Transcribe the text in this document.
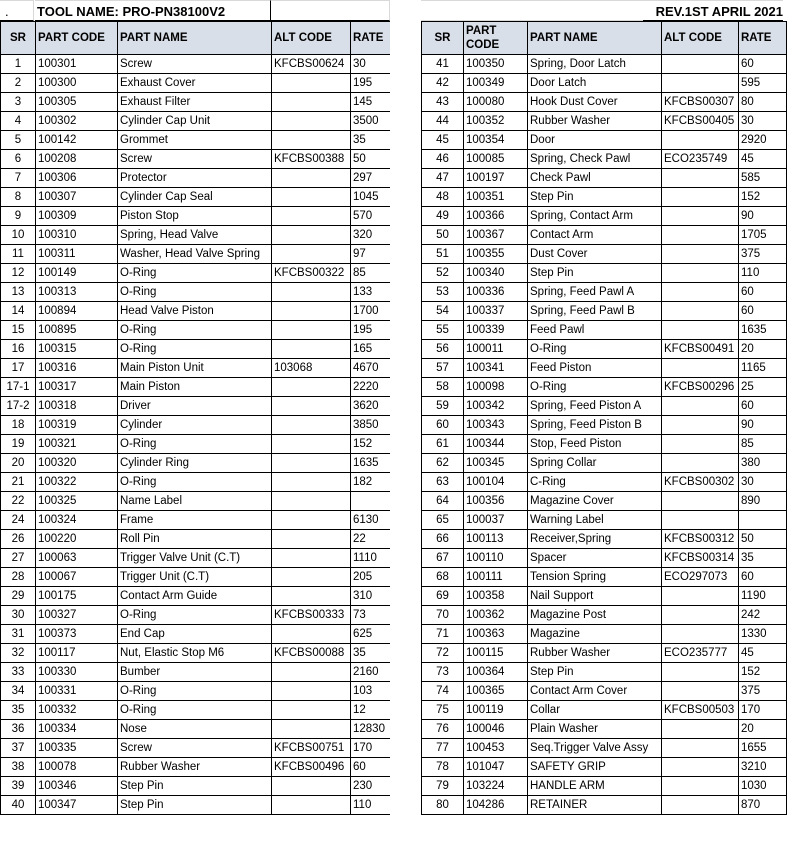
.	TOOL NAME: PRO-PN38100V2	REV.1ST APRIL 2021
SR	PART CODE	PART NAME	ALT CODE	RATE
1	100301	Screw	KFCBS00624	30
2	100300	Exhaust Cover		195
3	100305	Exhaust Filter		145
4	100302	Cylinder Cap Unit		3500
5	100142	Grommet		35
6	100208	Screw	KFCBS00388	50
7	100306	Protector		297
8	100307	Cylinder Cap Seal		1045
9	100309	Piston Stop		570
10	100310	Spring, Head Valve		320
11	100311	Washer, Head Valve Spring		97
12	100149	O-Ring	KFCBS00322	85
13	100313	O-Ring		133
14	100894	Head Valve Piston		1700
15	100895	O-Ring		195
16	100315	O-Ring		165
17	100316	Main Piston Unit	103068	4670
17-1	100317	Main Piston		2220
17-2	100318	Driver		3620
18	100319	Cylinder		3850
19	100321	O-Ring		152
20	100320	Cylinder Ring		1635
21	100322	O-Ring		182
22	100325	Name Label		
24	100324	Frame		6130
26	100220	Roll Pin		22
27	100063	Trigger Valve Unit (C.T)		1110
28	100067	Trigger Unit (C.T)		205
29	100175	Contact Arm Guide		310
30	100327	O-Ring	KFCBS00333	73
31	100373	End Cap		625
32	100117	Nut, Elastic Stop M6	KFCBS00088	35
33	100330	Bumber		2160
34	100331	O-Ring		103
35	100332	O-Ring		12
36	100334	Nose		12830
37	100335	Screw	KFCBS00751	170
38	100078	Rubber Washer	KFCBS00496	60
39	100346	Step Pin		230
40	100347	Step Pin		110
SR	PART CODE	PART NAME	ALT CODE	RATE
41	100350	Spring, Door Latch		60
42	100349	Door Latch		595
43	100080	Hook Dust Cover	KFCBS00307	80
44	100352	Rubber Washer	KFCBS00405	30
45	100354	Door		2920
46	100085	Spring, Check Pawl	ECO235749	45
47	100197	Check Pawl		585
48	100351	Step Pin		152
49	100366	Spring, Contact Arm		90
50	100367	Contact Arm		1705
51	100355	Dust Cover		375
52	100340	Step Pin		110
53	100336	Spring, Feed Pawl A		60
54	100337	Spring, Feed Pawl B		60
55	100339	Feed Pawl		1635
56	100011	O-Ring	KFCBS00491	20
57	100341	Feed Piston		1165
58	100098	O-Ring	KFCBS00296	25
59	100342	Spring, Feed Piston A		60
60	100343	Spring, Feed Piston B		90
61	100344	Stop, Feed Piston		85
62	100345	Spring Collar		380
63	100104	C-Ring	KFCBS00302	30
64	100356	Magazine Cover		890
65	100037	Warning Label		
66	100113	Receiver,Spring	KFCBS00312	50
67	100110	Spacer	KFCBS00314	35
68	100111	Tension Spring	ECO297073	60
69	100358	Nail Support		1190
70	100362	Magazine Post		242
71	100363	Magazine		1330
72	100115	Rubber Washer	ECO235777	45
73	100364	Step Pin		152
74	100365	Contact Arm Cover		375
75	100119	Collar	KFCBS00503	170
76	100046	Plain Washer		20
77	100453	Seq.Trigger Valve Assy		1655
78	101047	SAFETY GRIP		3210
79	103224	HANDLE ARM		1030
80	104286	RETAINER		870
